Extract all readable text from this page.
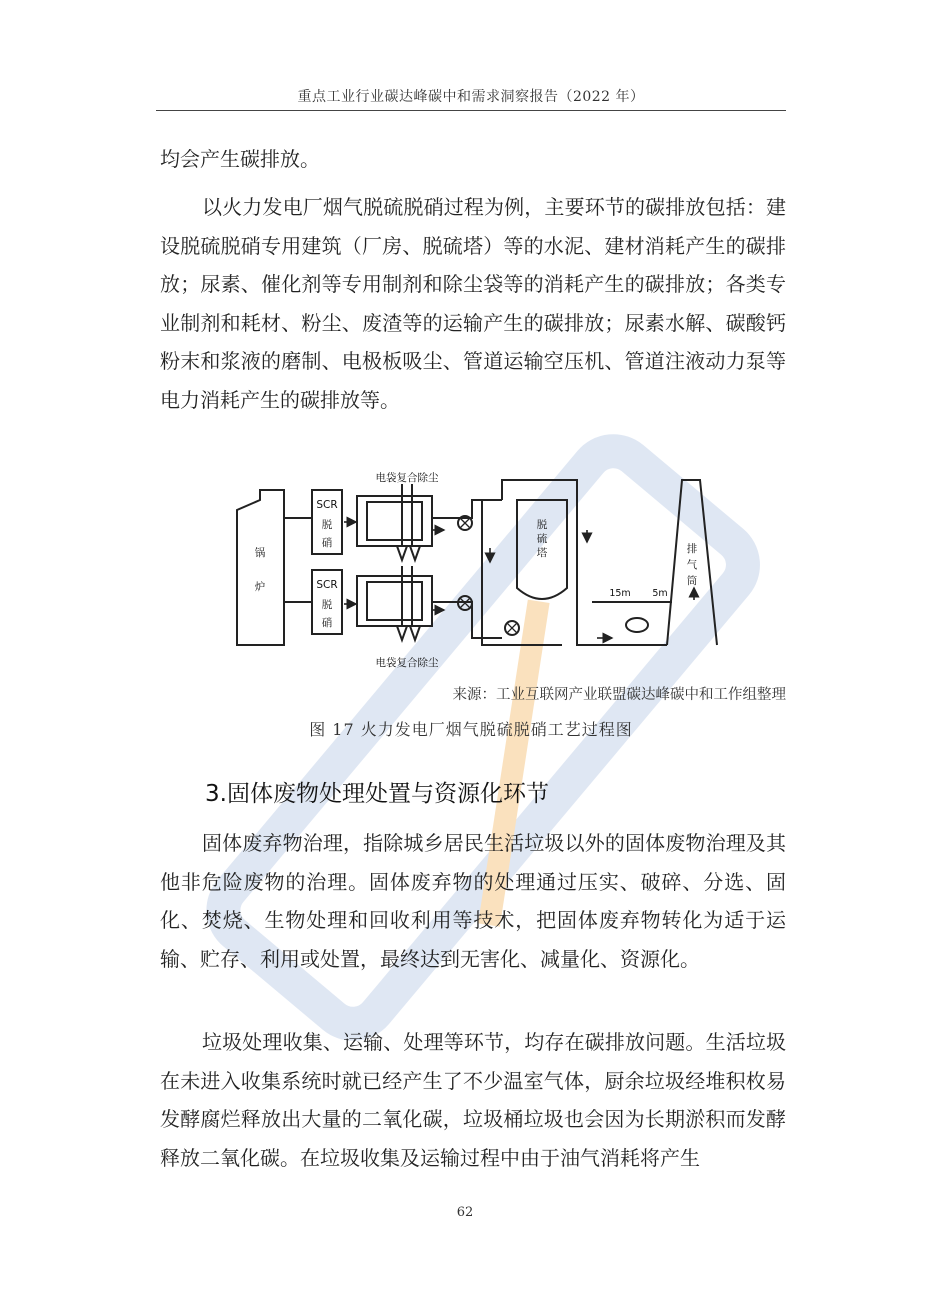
重点工业行业碳达峰碳中和需求洞察报告（2022 年）

均会产生碳排放。

以火力发电厂烟气脱硫脱硝过程为例，主要环节的碳排放包括：建设脱硫脱硝专用建筑（厂房、脱硫塔）等的水泥、建材消耗产生的碳排放；尿素、催化剂等专用制剂和除尘袋等的消耗产生的碳排放；各类专业制剂和耗材、粉尘、废渣等的运输产生的碳排放；尿素水解、碳酸钙粉末和浆液的磨制、电极板吸尘、管道运输空压机、管道注液动力泵等电力消耗产生的碳排放等。

电袋复合除尘
电袋复合除尘
锅
炉
SCR
脱
硝
SCR
脱
硝
脱
硫
塔	排
气
筒
15m 5m
来源：工业互联网产业联盟碳达峰碳中和工作组整理
图 17 火力发电厂烟气脱硫脱硝工艺过程图
3.固体废物处理处置与资源化环节

固体废弃物治理，指除城乡居民生活垃圾以外的固体废物治理及其他非危险废物的治理。固体废弃物的处理通过压实、破碎、分选、固化、焚烧、生物处理和回收利用等技术，把固体废弃物转化为适于运输、贮存、利用或处置，最终达到无害化、减量化、资源化。

垃圾处理收集、运输、处理等环节，均存在碳排放问题。生活垃圾在未进入收集系统时就已经产生了不少温室气体，厨余垃圾经堆积枚易发酵腐烂释放出大量的二氧化碳，垃圾桶垃圾也会因为长期淤积而发酵释放二氧化碳。在垃圾收集及运输过程中由于油气消耗将产生

62
